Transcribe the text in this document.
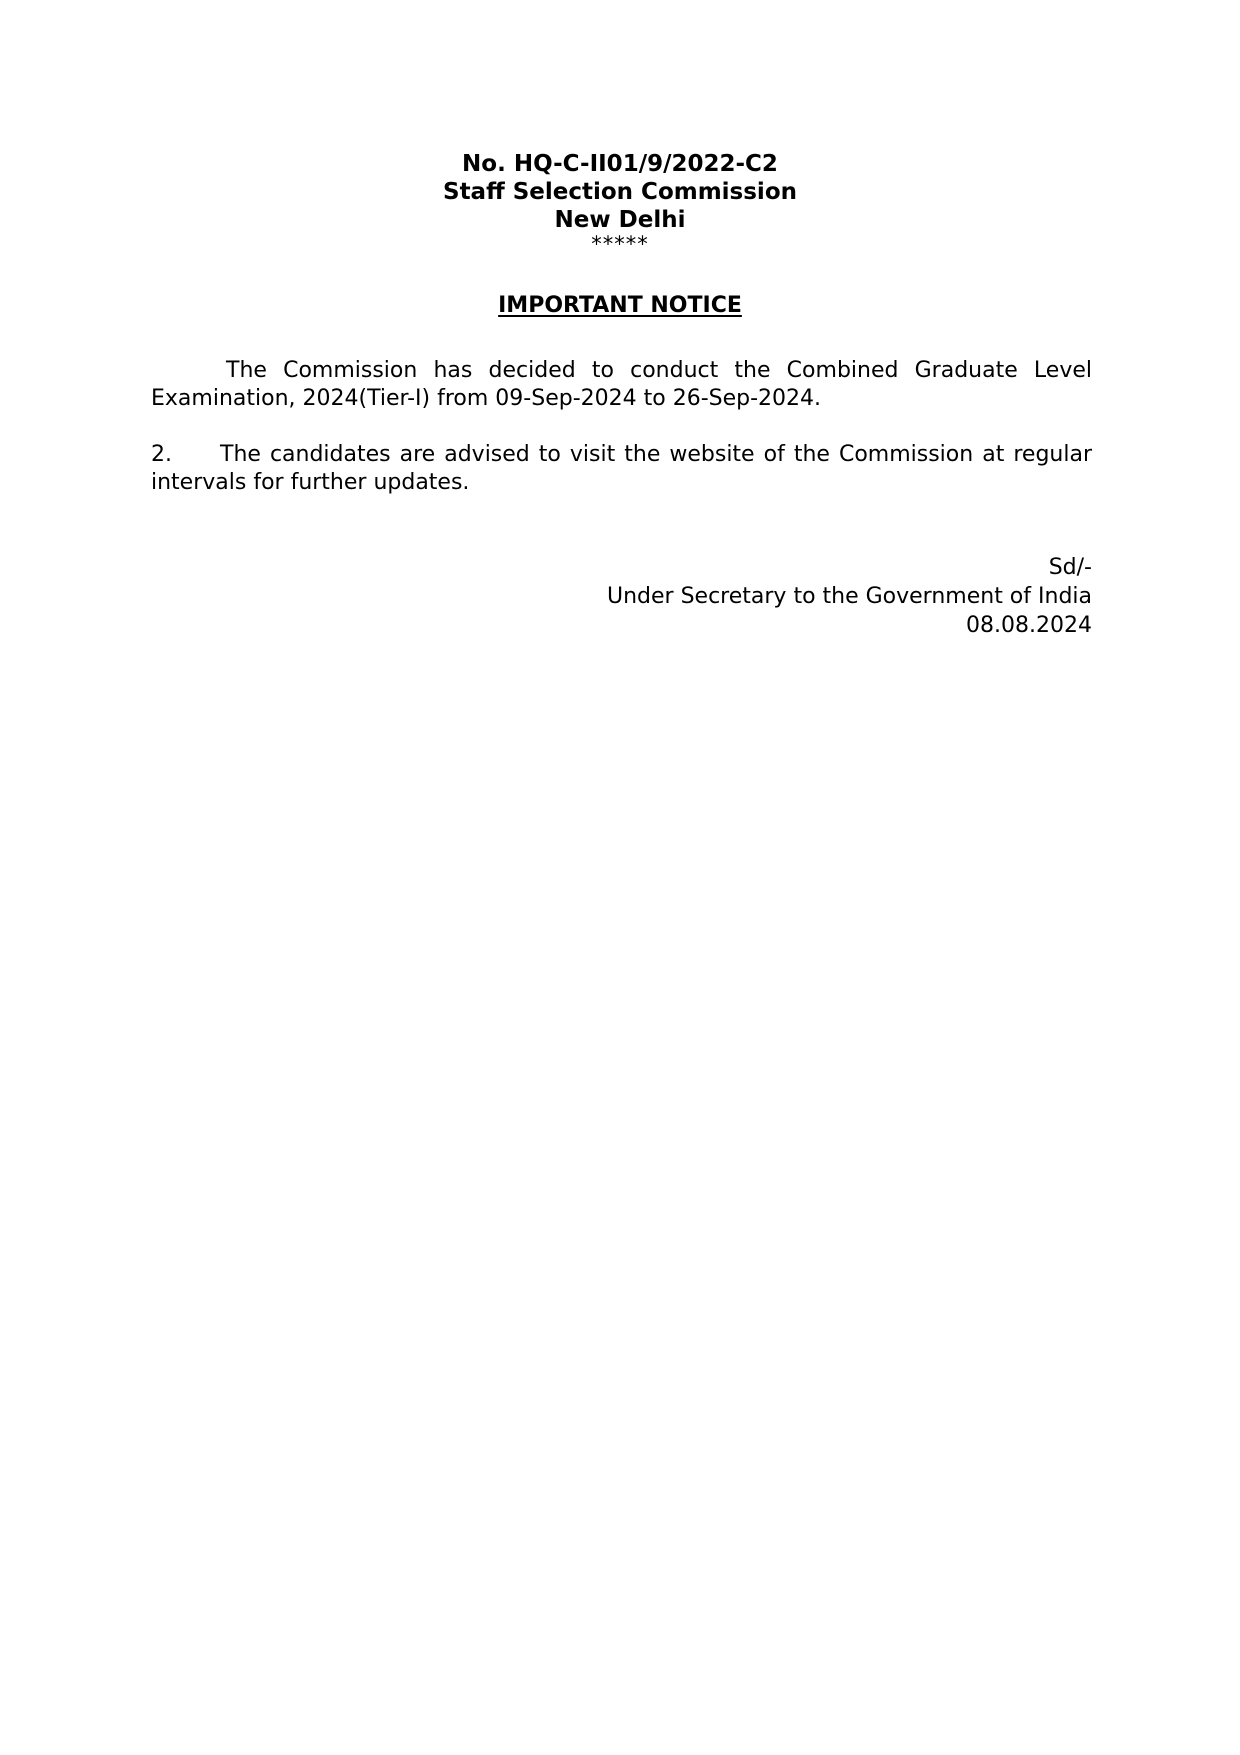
No. HQ-C-II01/9/2022-C2
Staff Selection Commission
New Delhi
*****
IMPORTANT NOTICE
The Commission has decided to conduct the Combined Graduate Level Examination, 2024(Tier-I) from 09-Sep-2024 to 26-Sep-2024.
2. The candidates are advised to visit the website of the Commission at regular intervals for further updates.
Sd/-
Under Secretary to the Government of India
08.08.2024
